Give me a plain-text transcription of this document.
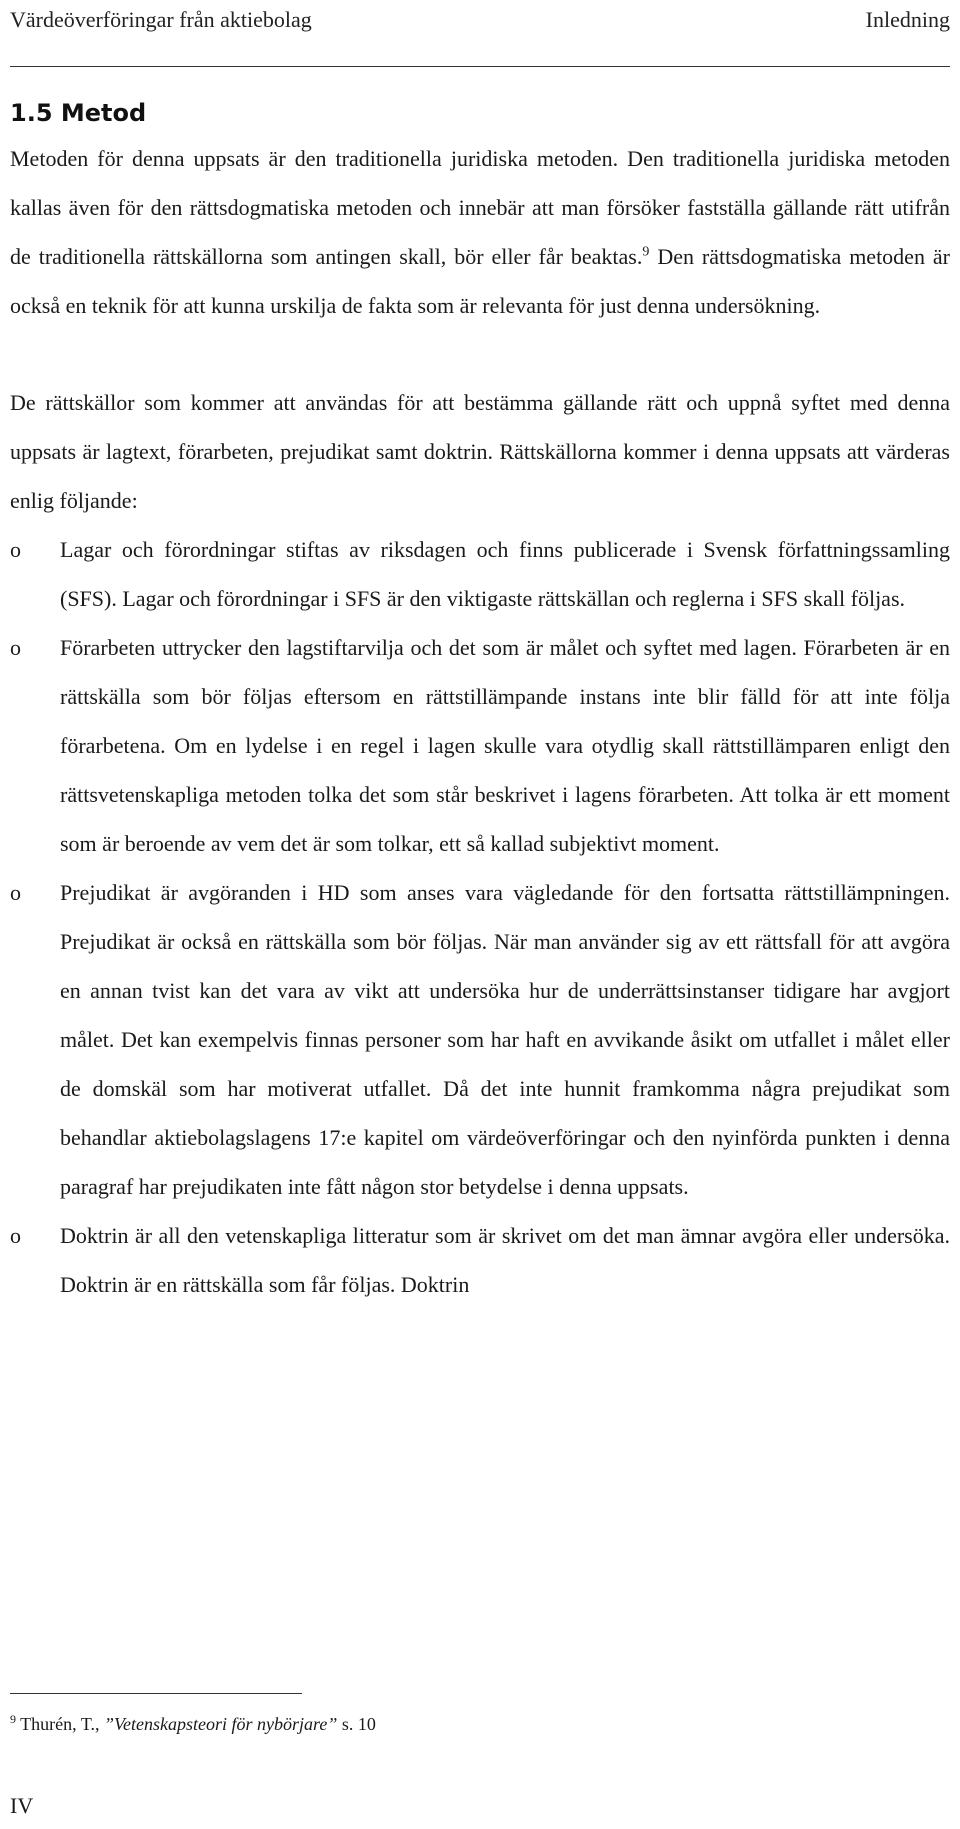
Värdeöverföringar från aktiebolag	Inledning
1.5 Metod

Metoden för denna uppsats är den traditionella juridiska metoden. Den traditionella juridiska metoden kallas även för den rättsdogmatiska metoden och innebär att man försöker fastställa gällande rätt utifrån de traditionella rättskällorna som antingen skall, bör eller får beaktas.$^9$ Den rättsdogmatiska metoden är också en teknik för att kunna urskilja de fakta som är relevanta för just denna undersökning.

De rättskällor som kommer att användas för att bestämma gällande rätt och uppnå syftet med denna uppsats är lagtext, förarbeten, prejudikat samt doktrin. Rättskällorna kommer i denna uppsats att värderas enlig följande:

o Lagar och förordningar stiftas av riksdagen och finns publicerade i Svensk författningssamling (SFS). Lagar och förordningar i SFS är den viktigaste rättskällan och reglerna i SFS skall följas.

o Förarbeten uttrycker den lagstiftarvilja och det som är målet och syftet med lagen. Förarbeten är en rättskälla som bör följas eftersom en rättstillämpande instans inte blir fälld för att inte följa förarbetena. Om en lydelse i en regel i lagen skulle vara otydlig skall rättstillämparen enligt den rättsvetenskapliga metoden tolka det som står beskrivet i lagens förarbeten. Att tolka är ett moment som är beroende av vem det är som tolkar, ett så kallad subjektivt moment.

o Prejudikat är avgöranden i HD som anses vara vägledande för den fortsatta rättstillämpningen. Prejudikat är också en rättskälla som bör följas. När man använder sig av ett rättsfall för att avgöra en annan tvist kan det vara av vikt att undersöka hur de underrättsinstanser tidigare har avgjort målet. Det kan exempelvis finnas personer som har haft en avvikande åsikt om utfallet i målet eller de domskäl som har motiverat utfallet. Då det inte hunnit framkomma några prejudikat som behandlar aktiebolagslagens 17:e kapitel om värdeöverföringar och den nyinförda punkten i denna paragraf har prejudikaten inte fått någon stor betydelse i denna uppsats.

o Doktrin är all den vetenskapliga litteratur som är skrivet om det man ämnar avgöra eller undersöka. Doktrin är en rättskälla som får följas. Doktrin

$^9$ Thurén, T., ”Vetenskapsteori för nybörjare” s. 10
IV
